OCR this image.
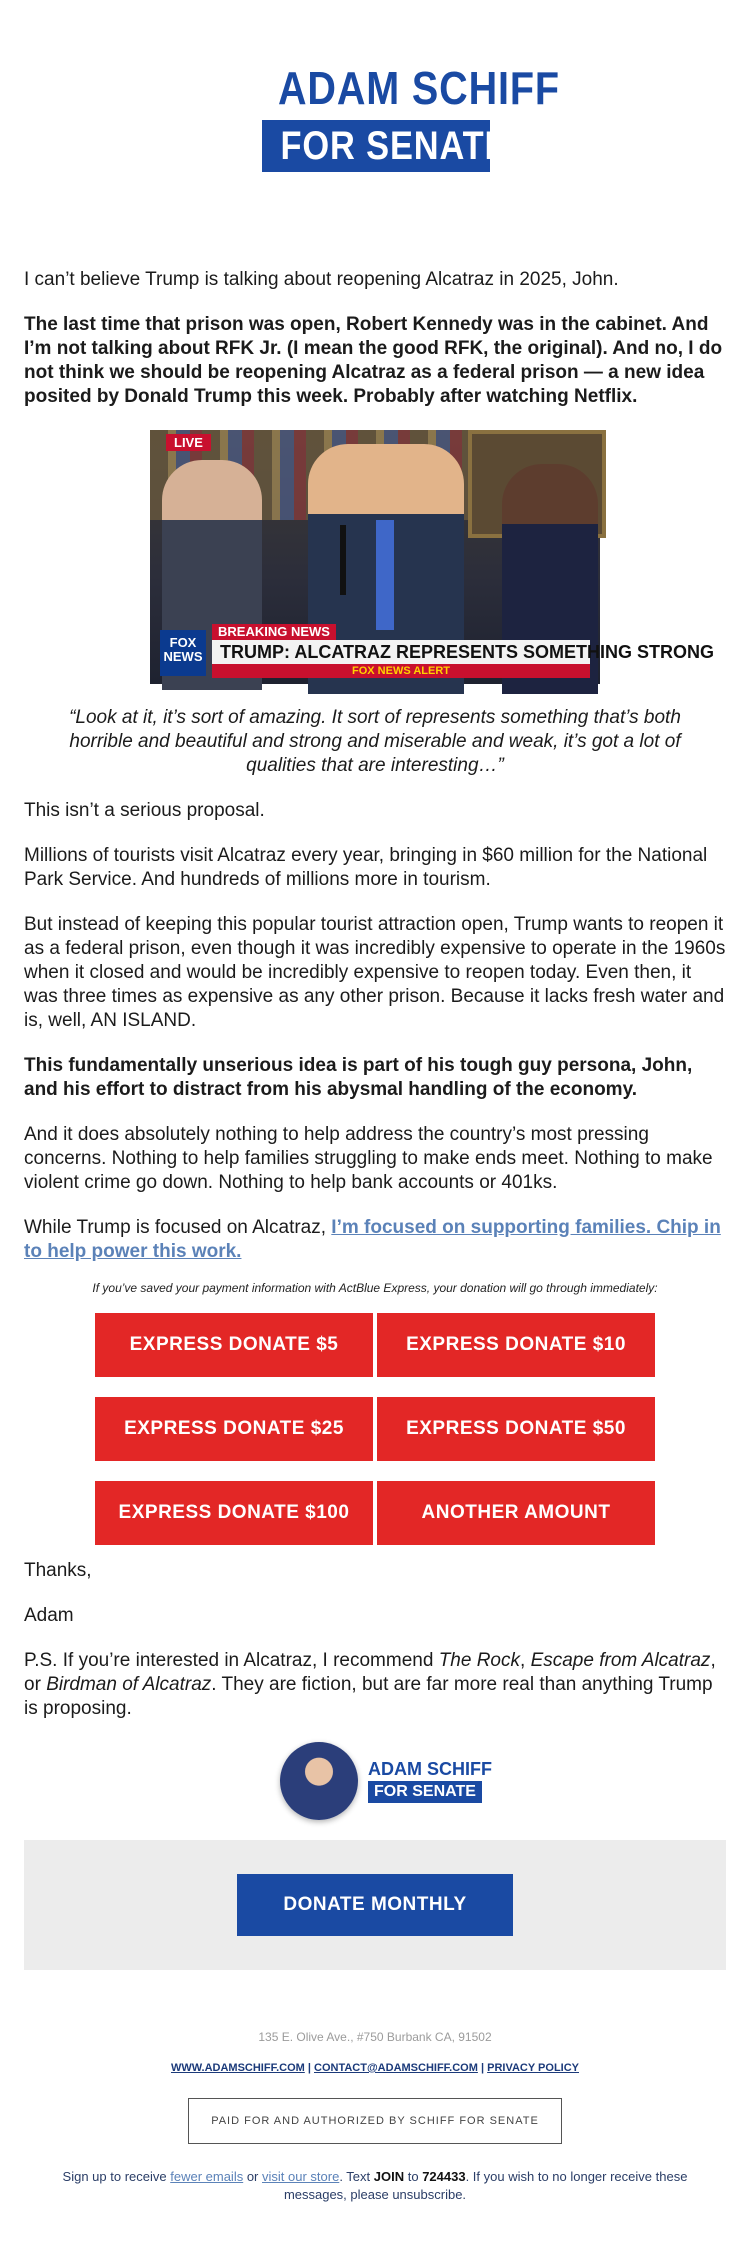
ADAM SCHIFF
FOR SENATE

I can’t believe Trump is talking about reopening Alcatraz in 2025, John.

The last time that prison was open, Robert Kennedy was in the cabinet. And I’m not talking about RFK Jr. (I mean the good RFK, the original). And no, I do not think we should be reopening Alcatraz as a federal prison — a new idea posited by Donald Trump this week. Probably after watching Netflix.

LIVE
FOX
NEWS
BREAKING NEWS
TRUMP: ALCATRAZ REPRESENTS SOMETHING STRONG
FOX NEWS ALERT

“Look at it, it’s sort of amazing. It sort of represents something that’s both horrible and beautiful and strong and miserable and weak, it’s got a lot of qualities that are interesting…”

This isn’t a serious proposal.

Millions of tourists visit Alcatraz every year, bringing in $60 million for the National Park Service. And hundreds of millions more in tourism.

But instead of keeping this popular tourist attraction open, Trump wants to reopen it as a federal prison, even though it was incredibly expensive to operate in the 1960s when it closed and would be incredibly expensive to reopen today. Even then, it was three times as expensive as any other prison. Because it lacks fresh water and is, well, AN ISLAND.

This fundamentally unserious idea is part of his tough guy persona, John, and his effort to distract from his abysmal handling of the economy.

And it does absolutely nothing to help address the country’s most pressing concerns. Nothing to help families struggling to make ends meet. Nothing to make violent crime go down. Nothing to help bank accounts or 401ks.

While Trump is focused on Alcatraz, I’m focused on supporting families. Chip in to help power this work.

If you’ve saved your payment information with ActBlue Express, your donation will go through immediately:
EXPRESS DONATE $5	EXPRESS DONATE $10
EXPRESS DONATE $25	EXPRESS DONATE $50
EXPRESS DONATE $100	ANOTHER AMOUNT

Thanks,

Adam

P.S. If you’re interested in Alcatraz, I recommend The Rock, Escape from Alcatraz, or Birdman of Alcatraz. They are fiction, but are far more real than anything Trump is proposing.

ADAM SCHIFF
FOR SENATE
DONATE MONTHLY
135 E. Olive Ave., #750 Burbank CA, 91502
WWW.ADAMSCHIFF.COM | CONTACT@ADAMSCHIFF.COM | PRIVACY POLICY
PAID FOR AND AUTHORIZED BY SCHIFF FOR SENATE
Sign up to receive fewer emails or visit our store. Text JOIN to 724433. If you wish to no longer receive these messages, please unsubscribe.
